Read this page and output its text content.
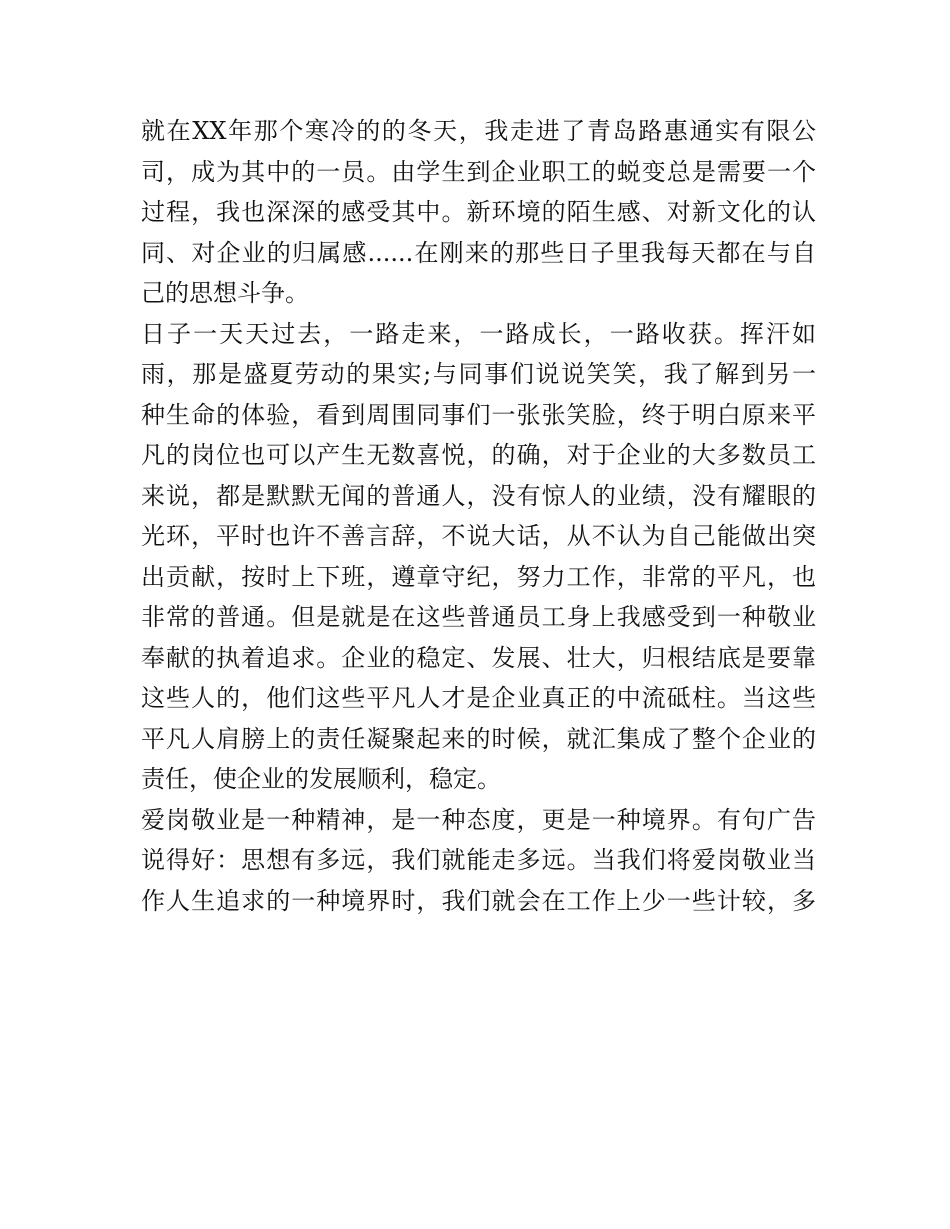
就在XX年那个寒冷的的冬天，我走进了青岛路惠通实有限公
司，成为其中的一员。由学生到企业职工的蜕变总是需要一个
过程，我也深深的感受其中。新环境的陌生感、对新文化的认
同、对企业的归属感......在刚来的那些日子里我每天都在与自
己的思想斗争。
日子一天天过去，一路走来，一路成长，一路收获。挥汗如
雨，那是盛夏劳动的果实;与同事们说说笑笑，我了解到另一
种生命的体验，看到周围同事们一张张笑脸，终于明白原来平
凡的岗位也可以产生无数喜悦，的确，对于企业的大多数员工
来说，都是默默无闻的普通人，没有惊人的业绩，没有耀眼的
光环，平时也许不善言辞，不说大话，从不认为自己能做出突
出贡献，按时上下班，遵章守纪，努力工作，非常的平凡，也
非常的普通。但是就是在这些普通员工身上我感受到一种敬业
奉献的执着追求。企业的稳定、发展、壮大，归根结底是要靠
这些人的，他们这些平凡人才是企业真正的中流砥柱。当这些
平凡人肩膀上的责任凝聚起来的时候，就汇集成了整个企业的
责任，使企业的发展顺利，稳定。
爱岗敬业是一种精神，是一种态度，更是一种境界。有句广告
说得好：思想有多远，我们就能走多远。当我们将爱岗敬业当
作人生追求的一种境界时，我们就会在工作上少一些计较，多
